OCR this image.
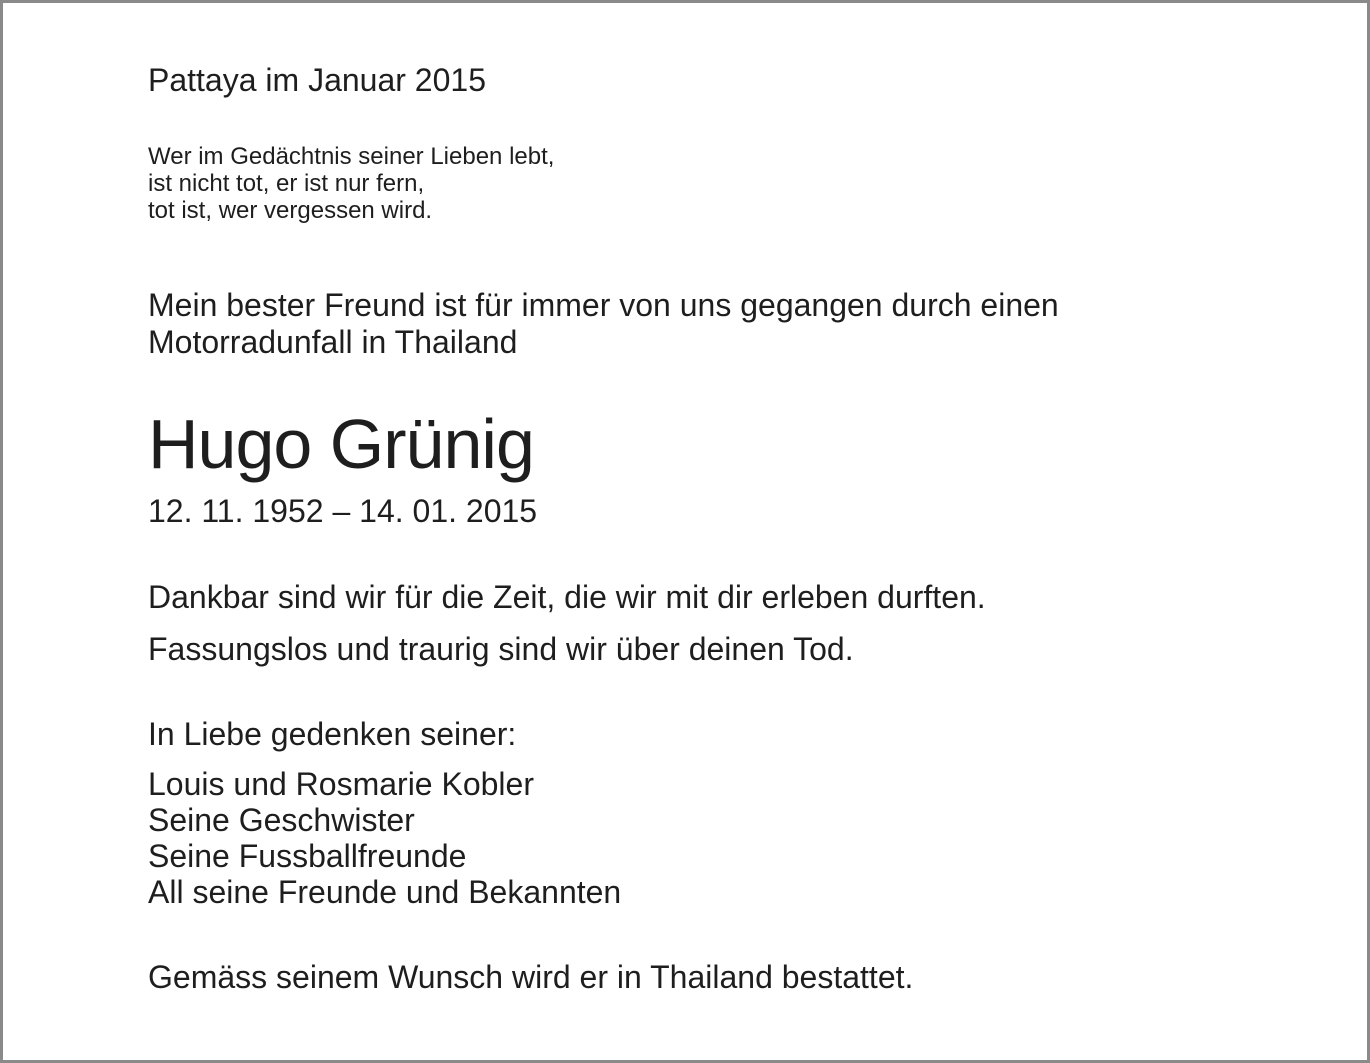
Pattaya im Januar 2015

Wer im Gedächtnis seiner Lieben lebt,
ist nicht tot, er ist nur fern,
tot ist, wer vergessen wird.
Mein bester Freund ist für immer von uns gegangen durch einen
Motorradunfall in Thailand
Hugo Grünig

12. 11. 1952 – 14. 01. 2015

Dankbar sind wir für die Zeit, die wir mit dir erleben durften.

Fassungslos und traurig sind wir über deinen Tod.

In Liebe gedenken seiner:

Louis und Rosmarie Kobler
Seine Geschwister
Seine Fussballfreunde
All seine Freunde und Bekannten

Gemäss seinem Wunsch wird er in Thailand bestattet.
